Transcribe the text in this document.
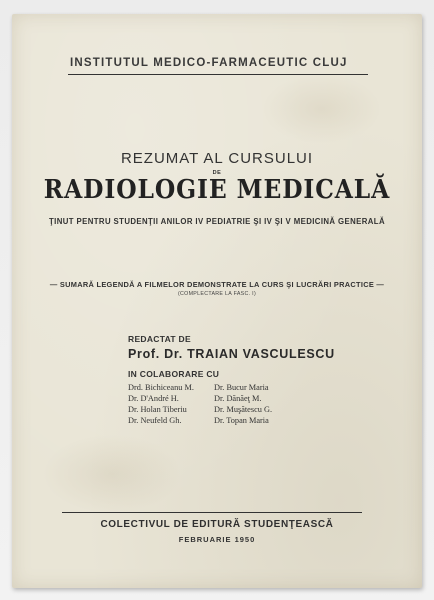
INSTITUTUL MEDICO-FARMACEUTIC CLUJ
REZUMAT AL CURSULUI
DE
RADIOLOGIE MEDICALĂ
ŢINUT PENTRU STUDENŢII ANILOR IV PEDIATRIE ŞI IV ŞI V MEDICINĂ GENERALĂ
— SUMARĂ LEGENDĂ A FILMELOR DEMONSTRATE LA CURS ŞI LUCRĂRI PRACTICE —
(COMPLECTARE LA FASC. I)
REDACTAT DE
Prof. Dr. TRAIAN VASCULESCU
IN COLABORARE CU
Drd. Bichiceanu M.
Dr. D'André H.
Dr. Holan Tiberiu
Dr. Neufeld Gh.
Dr. Bucur Maria
Dr. Dănăeţ M.
Dr. Muşătescu G.
Dr. Topan Maria
COLECTIVUL DE EDITURĂ STUDENŢEASCĂ
FEBRUARIE 1950
